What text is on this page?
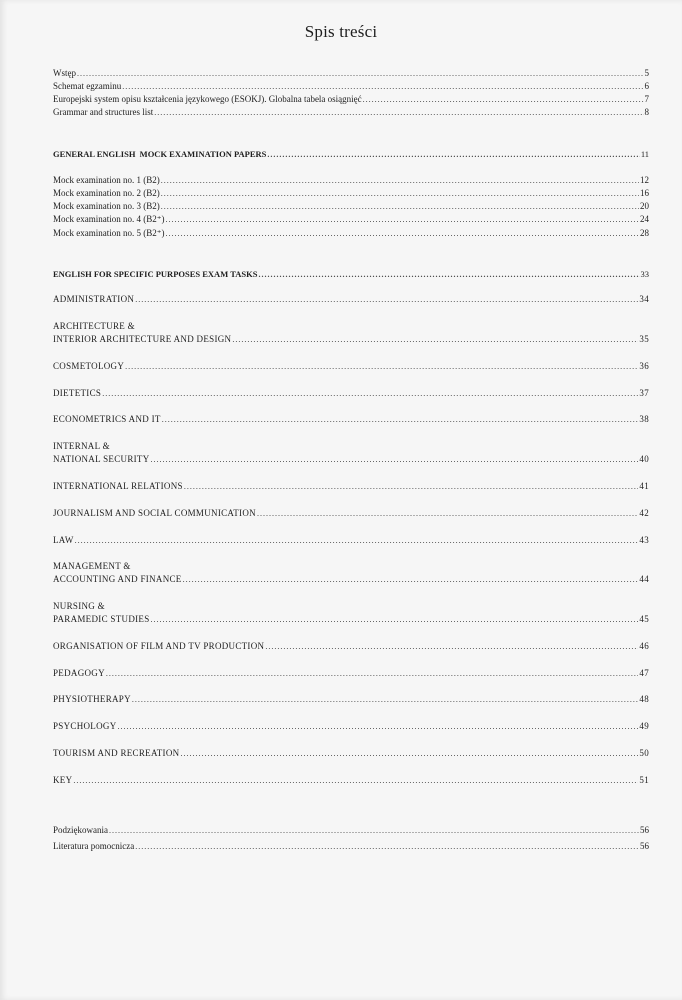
Spis treści
Wstęp .....	5
Schemat egzaminu .....	6
Europejski system opisu kształcenia językowego (ESOKJ). Globalna tabela osiągnięć .....	7
Grammar and structures list .....	8
GENERAL ENGLISH  MOCK EXAMINATION PAPERS .....	11
Mock examination no. 1 (B2) .....	12
Mock examination no. 2 (B2) .....	16
Mock examination no. 3 (B2) .....	20
Mock examination no. 4 (B2⁺) .....	24
Mock examination no. 5 (B2⁺) .....	28
ENGLISH FOR SPECIFIC PURPOSES EXAM TASKS .....	33
ADMINISTRATION .....	34
ARCHITECTURE &
INTERIOR ARCHITECTURE AND DESIGN .....	35
COSMETOLOGY .....	36
DIETETICS .....	37
ECONOMETRICS AND IT .....	38
INTERNAL &
NATIONAL SECURITY .....	40
INTERNATIONAL RELATIONS .....	41
JOURNALISM AND SOCIAL COMMUNICATION .....	42
LAW .....	43
MANAGEMENT &
ACCOUNTING AND FINANCE .....	44
NURSING &
PARAMEDIC STUDIES .....	45
ORGANISATION OF FILM AND TV PRODUCTION .....	46
PEDAGOGY .....	47
PHYSIOTHERAPY .....	48
PSYCHOLOGY .....	49
TOURISM AND RECREATION .....	50
KEY .....	51
Podziękowania .....	56
Literatura pomocnicza .....	56
